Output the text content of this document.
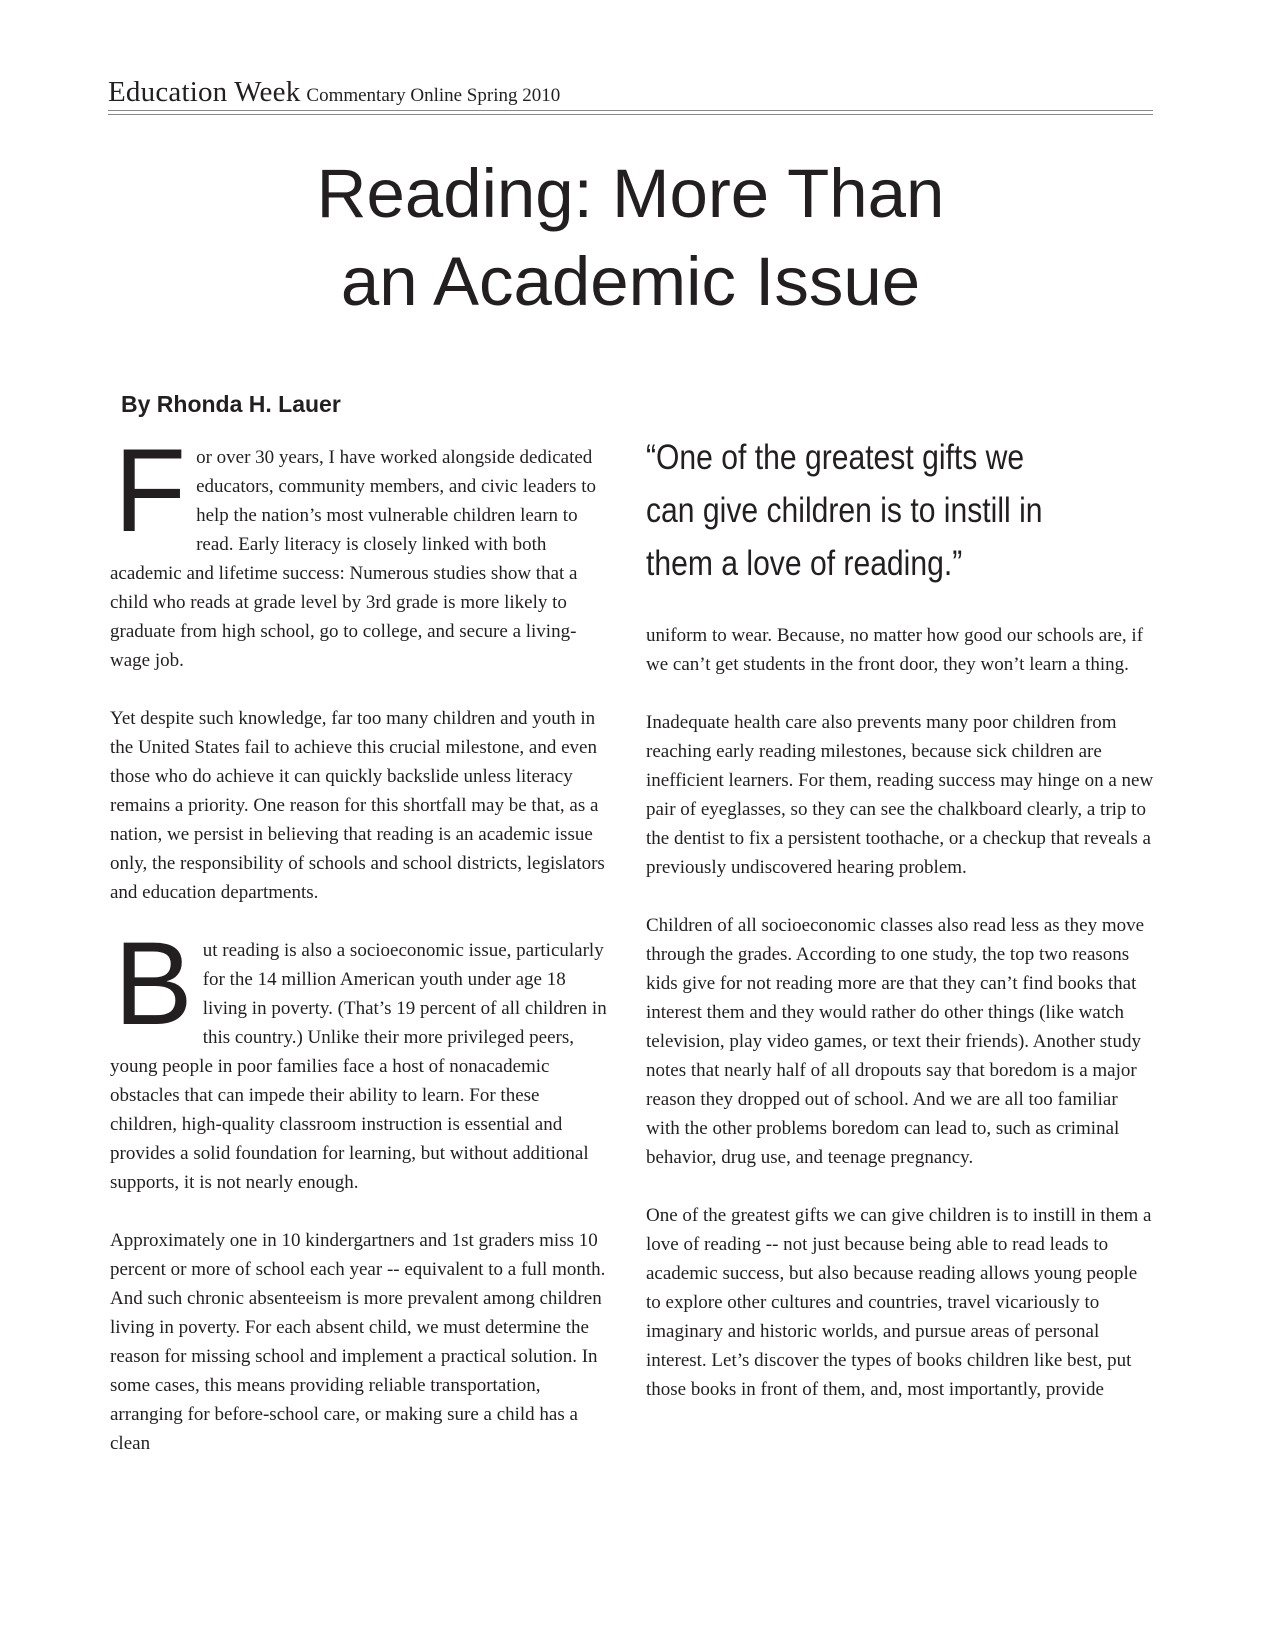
Education Week Commentary Online Spring 2010
Reading: More Than
an Academic Issue

By Rhonda H. Lauer

F or over 30 years, I have worked alongside dedicated educators, community members, and civic leaders to help the nation’s most vulnerable children learn to read. Early literacy is closely linked with both academic and lifetime success: Numerous studies show that a child who reads at grade level by 3rd grade is more likely to graduate from high school, go to college, and secure a living-wage job.

Yet despite such knowledge, far too many children and youth in the United States fail to achieve this crucial milestone, and even those who do achieve it can quickly backslide unless literacy remains a priority. One reason for this shortfall may be that, as a nation, we persist in believing that reading is an academic issue only, the responsibility of schools and school districts, legislators and education departments.

B ut reading is also a socioeconomic issue, particularly for the 14 million American youth under age 18 living in poverty. (That’s 19 percent of all children in this country.) Unlike their more privileged peers, young people in poor families face a host of nonacademic obstacles that can impede their ability to learn. For these children, high-quality classroom instruction is essential and provides a solid foundation for learning, but without additional supports, it is not nearly enough.

Approximately one in 10 kindergartners and 1st graders miss 10 percent or more of school each year -- equivalent to a full month. And such chronic absenteeism is more prevalent among children living in poverty. For each absent child, we must determine the reason for missing school and implement a practical solution. In some cases, this means providing reliable transportation, arranging for before-school care, or making sure a child has a clean

“One of the greatest gifts we
can give children is to instill in
them a love of reading.”

uniform to wear. Because, no matter how good our schools are, if we can’t get students in the front door, they won’t learn a thing.

Inadequate health care also prevents many poor children from reaching early reading milestones, because sick children are inefficient learners. For them, reading success may hinge on a new pair of eyeglasses, so they can see the chalkboard clearly, a trip to the dentist to fix a persistent toothache, or a checkup that reveals a previously undiscovered hearing problem.

Children of all socioeconomic classes also read less as they move through the grades. According to one study, the top two reasons kids give for not reading more are that they can’t find books that interest them and they would rather do other things (like watch television, play video games, or text their friends). Another study notes that nearly half of all dropouts say that boredom is a major reason they dropped out of school. And we are all too familiar with the other problems boredom can lead to, such as criminal behavior, drug use, and teenage pregnancy.

One of the greatest gifts we can give children is to instill in them a love of reading -- not just because being able to read leads to academic success, but also because reading allows young people to explore other cultures and countries, travel vicariously to imaginary and historic worlds, and pursue areas of personal interest. Let’s discover the types of books children like best, put those books in front of them, and, most importantly, provide
